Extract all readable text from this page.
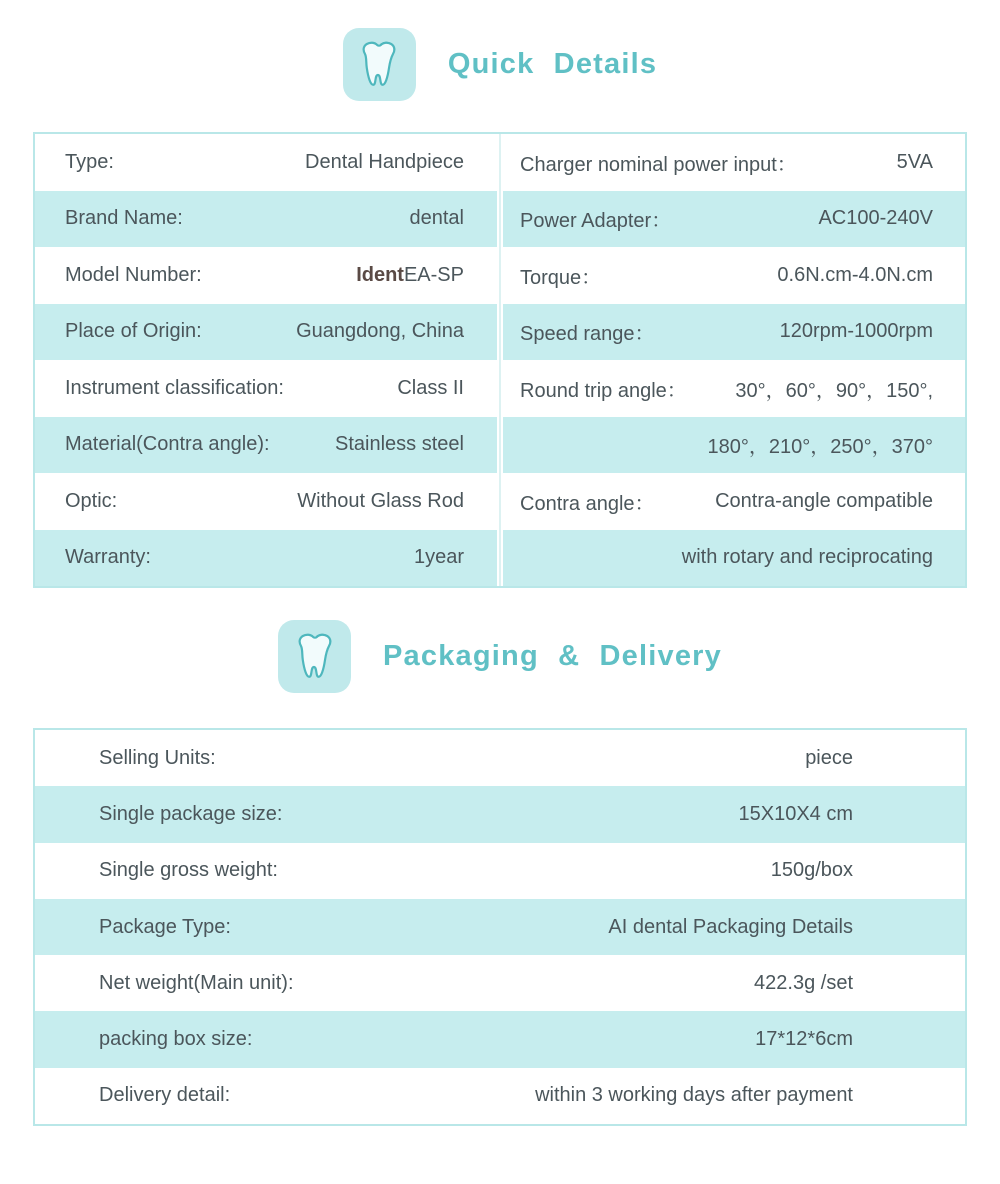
Quick Details
Type:	Dental Handpiece
Brand Name:	dental
Model Number:	IdentEA-SP
Place of Origin:	Guangdong, China
Instrument classification:	Class II
Material(Contra angle):	Stainless steel
Optic:	Without Glass Rod
Warranty:	1year
Charger nominal power input：	5VA
Power Adapter：	AC100-240V
Torque：	0.6N.cm-4.0N.cm
Speed range：	120rpm-1000rpm
Round trip angle： 30°，60°，90°，150°,
180°，210°，250°，370°
Contra angle：	Contra-angle compatible
with rotary and reciprocating
Packaging & Delivery
Selling Units:	piece
Single package size:	15X10X4 cm
Single gross weight:	150g/box
Package Type:	AI dental Packaging Details
Net weight(Main unit):	422.3g /set
packing box size:	17*12*6cm
Delivery detail:	within 3 working days after payment
